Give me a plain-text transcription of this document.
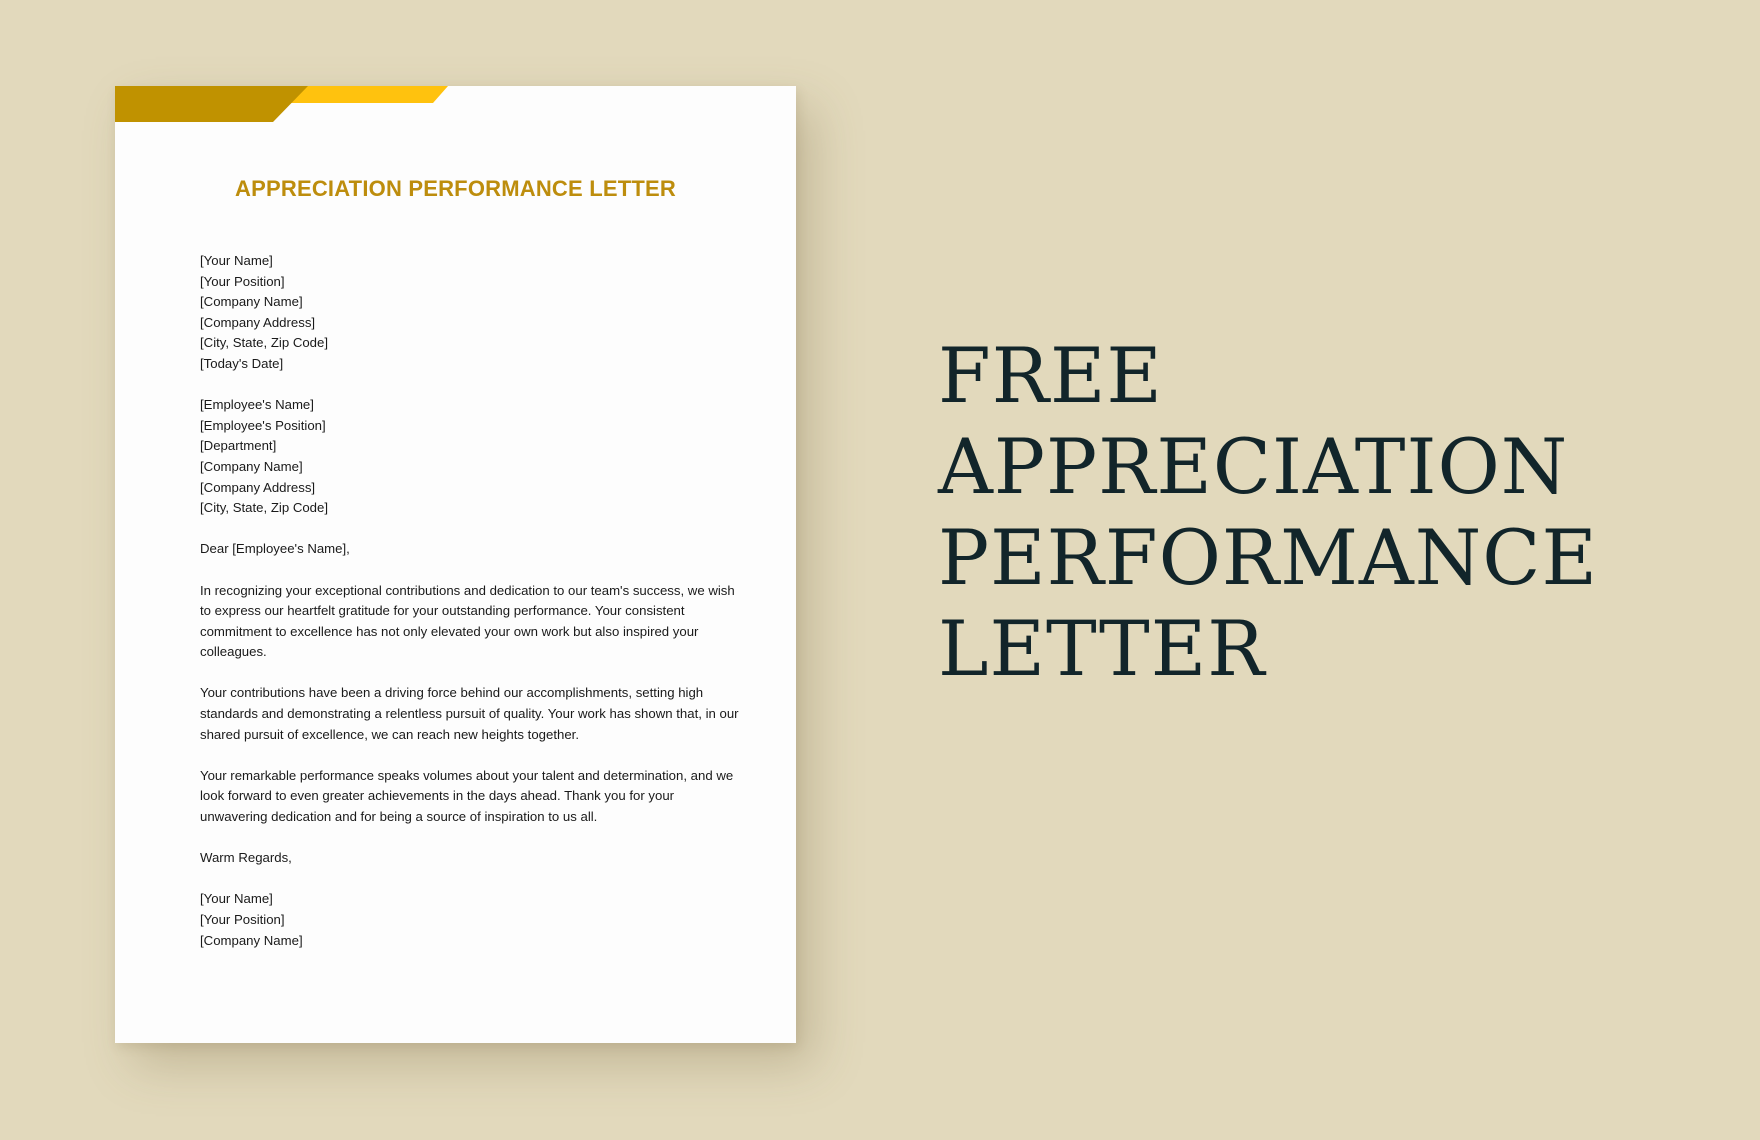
APPRECIATION PERFORMANCE LETTER
[Your Name]
[Your Position]
[Company Name]
[Company Address]
[City, State, Zip Code]
[Today's Date]
[Employee's Name]
[Employee's Position]
[Department]
[Company Name]
[Company Address]
[City, State, Zip Code]
Dear [Employee's Name],
In recognizing your exceptional contributions and dedication to our team's success, we wish to express our heartfelt gratitude for your outstanding performance. Your consistent commitment to excellence has not only elevated your own work but also inspired your colleagues.
Your contributions have been a driving force behind our accomplishments, setting high standards and demonstrating a relentless pursuit of quality. Your work has shown that, in our shared pursuit of excellence, we can reach new heights together.
Your remarkable performance speaks volumes about your talent and determination, and we look forward to even greater achievements in the days ahead. Thank you for your unwavering dedication and for being a source of inspiration to us all.
Warm Regards,
[Your Name]
[Your Position]
[Company Name]
FREE
APPRECIATION
PERFORMANCE
LETTER
